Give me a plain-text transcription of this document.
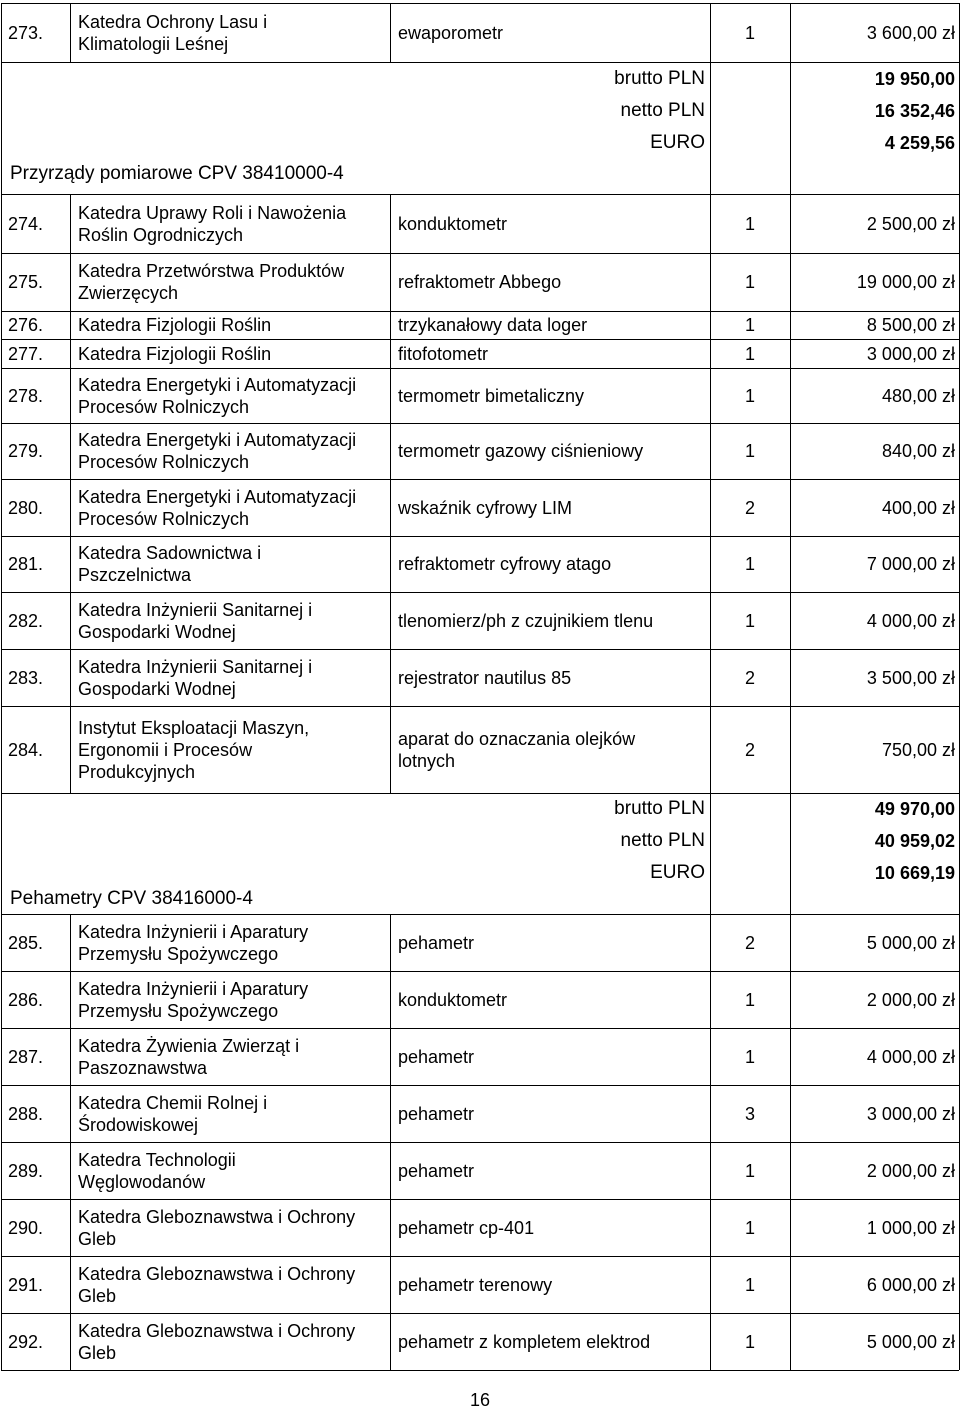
273.
Katedra Ochrony Lasu i
Klimatologii Leśnej
ewaporometr	1	3 600,00 zł
brutto PLN	19 950,00
netto PLN	16 352,46
EURO	4 259,56
Przyrządy pomiarowe CPV 38410000-4
274.
Katedra Uprawy Roli i Nawożenia
Roślin Ogrodniczych
konduktometr	1	2 500,00 zł
275.
Katedra Przetwórstwa Produktów
Zwierzęcych
refraktometr Abbego	1	19 000,00 zł
276.	Katedra Fizjologii Roślin	trzykanałowy data loger	1	8 500,00 zł
277.	Katedra Fizjologii Roślin	fitofotometr	1	3 000,00 zł
278.
Katedra Energetyki i Automatyzacji
Procesów Rolniczych
termometr bimetaliczny	1	480,00 zł
279.
Katedra Energetyki i Automatyzacji
Procesów Rolniczych
termometr gazowy ciśnieniowy	1	840,00 zł
280.
Katedra Energetyki i Automatyzacji
Procesów Rolniczych
wskaźnik cyfrowy LIM	2	400,00 zł
281.
Katedra Sadownictwa i
Pszczelnictwa
refraktometr cyfrowy atago	1	7 000,00 zł
282.
Katedra Inżynierii Sanitarnej i
Gospodarki Wodnej
tlenomierz/ph z czujnikiem tlenu	1	4 000,00 zł
283.
Katedra Inżynierii Sanitarnej i
Gospodarki Wodnej
rejestrator nautilus 85	2	3 500,00 zł
284.
Instytut Eksploatacji Maszyn,
Ergonomii i Procesów
Produkcyjnych
aparat do oznaczania olejków
lotnych
2	750,00 zł
brutto PLN	49 970,00
netto PLN	40 959,02
EURO	10 669,19
Pehametry CPV 38416000-4
285.
Katedra Inżynierii i Aparatury
Przemysłu Spożywczego
pehametr	2	5 000,00 zł
286.
Katedra Inżynierii i Aparatury
Przemysłu Spożywczego
konduktometr	1	2 000,00 zł
287.
Katedra Żywienia Zwierząt i
Paszoznawstwa
pehametr	1	4 000,00 zł
288.
Katedra Chemii Rolnej i
Środowiskowej
pehametr	3	3 000,00 zł
289.
Katedra Technologii
Węglowodanów
pehametr	1	2 000,00 zł
290.
Katedra Gleboznawstwa i Ochrony
Gleb
pehametr cp-401	1	1 000,00 zł
291.
Katedra Gleboznawstwa i Ochrony
Gleb
pehametr terenowy	1	6 000,00 zł
292.
Katedra Gleboznawstwa i Ochrony
Gleb
pehametr z kompletem elektrod	1	5 000,00 zł
16
